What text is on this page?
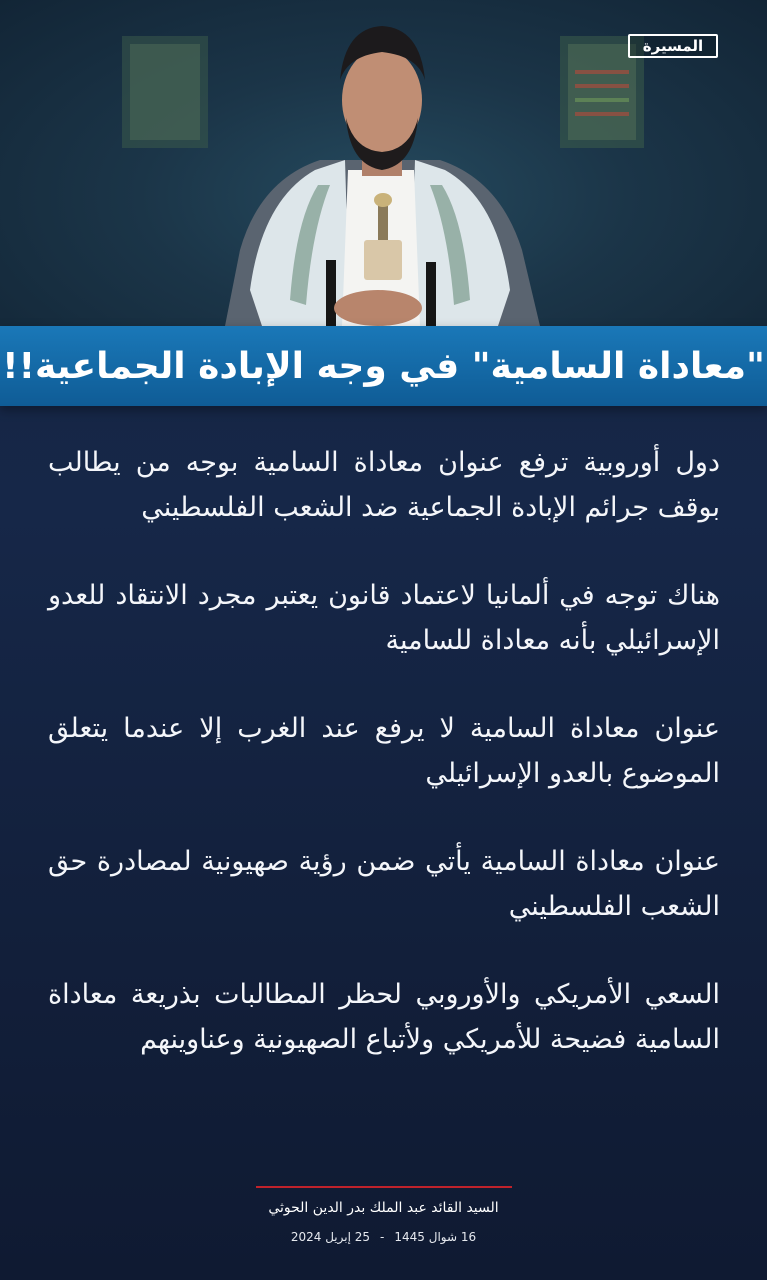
المسيرة
"معاداة السامية" في وجه الإبادة الجماعية!!
دول أوروبية ترفع عنوان معاداة السامية بوجه من يطالب بوقف جرائم الإبادة الجماعية ضد الشعب الفلسطيني
هناك توجه في ألمانيا لاعتماد قانون يعتبر مجرد الانتقاد للعدو الإسرائيلي بأنه معاداة للسامية
عنوان معاداة السامية لا يرفع عند الغرب إلا عندما يتعلق الموضوع بالعدو الإسرائيلي
عنوان معاداة السامية يأتي ضمن رؤية صهيونية لمصادرة حق الشعب الفلسطيني
السعي الأمريكي والأوروبي لحظر المطالبات بذريعة معاداة السامية فضيحة للأمريكي ولأتباع الصهيونية وعناوينهم
السيد القائد عبد الملك بدر الدين الحوثي
16 شوال 1445
-
25 إبريل 2024
